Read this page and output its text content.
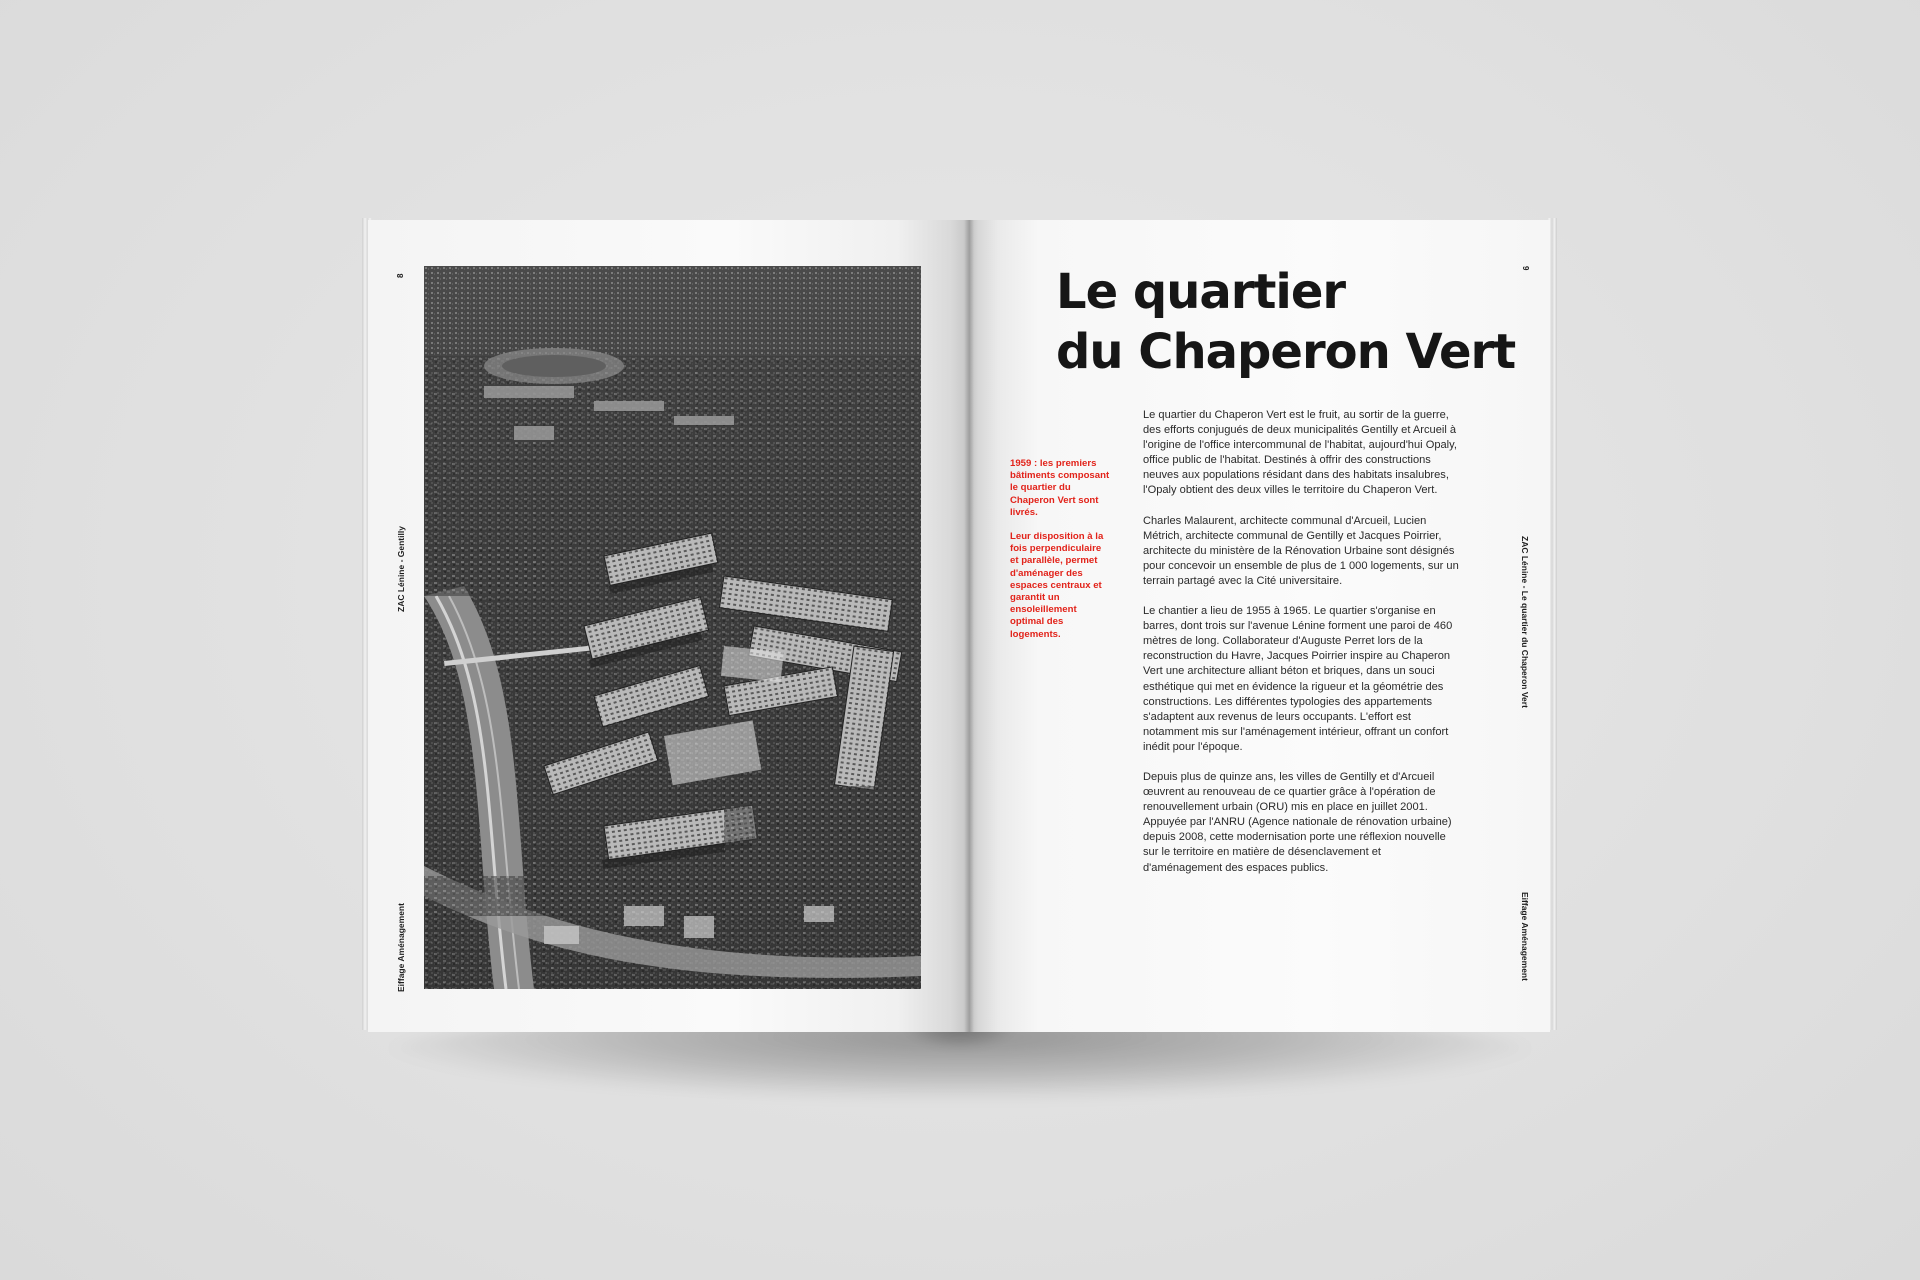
8
ZAC Lénine - Gentilly
Eiffage Aménagement
9
ZAC Lénine - Le quartier du Chaperon Vert
Eiffage Aménagement
Le quartier
du Chaperon Vert

1959 : les premiers bâtiments composant le quartier du Chaperon Vert sont livrés.

Leur disposition à la fois perpendiculaire et parallèle, permet d'aménager des espaces centraux et garantit un ensoleillement optimal des logements.

Le quartier du Chaperon Vert est le fruit, au sortir de la guerre, des efforts conjugués de deux municipalités Gentilly et Arcueil à l'origine de l'office intercommunal de l'habitat, aujourd'hui Opaly, office public de l'habitat. Destinés à offrir des constructions neuves aux populations résidant dans des habitats insalubres, l'Opaly obtient des deux villes le territoire du Chaperon Vert.

Charles Malaurent, architecte communal d'Arcueil, Lucien Métrich, architecte communal de Gentilly et Jacques Poirrier, architecte du ministère de la Rénovation Urbaine sont désignés pour concevoir un ensemble de plus de 1 000 logements, sur un terrain partagé avec la Cité universitaire.

Le chantier a lieu de 1955 à 1965. Le quartier s'organise en barres, dont trois sur l'avenue Lénine forment une paroi de 460 mètres de long. Collaborateur d'Auguste Perret lors de la reconstruction du Havre, Jacques Poirrier inspire au Chaperon Vert une architecture alliant béton et briques, dans un souci esthétique qui met en évidence la rigueur et la géométrie des constructions. Les différentes typologies des appartements s'adaptent aux revenus de leurs occupants. L'effort est notamment mis sur l'aménagement intérieur, offrant un confort inédit pour l'époque.

Depuis plus de quinze ans, les villes de Gentilly et d'Arcueil œuvrent au renouveau de ce quartier grâce à l'opération de renouvellement urbain (ORU) mis en place en juillet 2001. Appuyée par l'ANRU (Agence nationale de rénovation urbaine) depuis 2008, cette modernisation porte une réflexion nouvelle sur le territoire en matière de désenclavement et d'aménagement des espaces publics.
